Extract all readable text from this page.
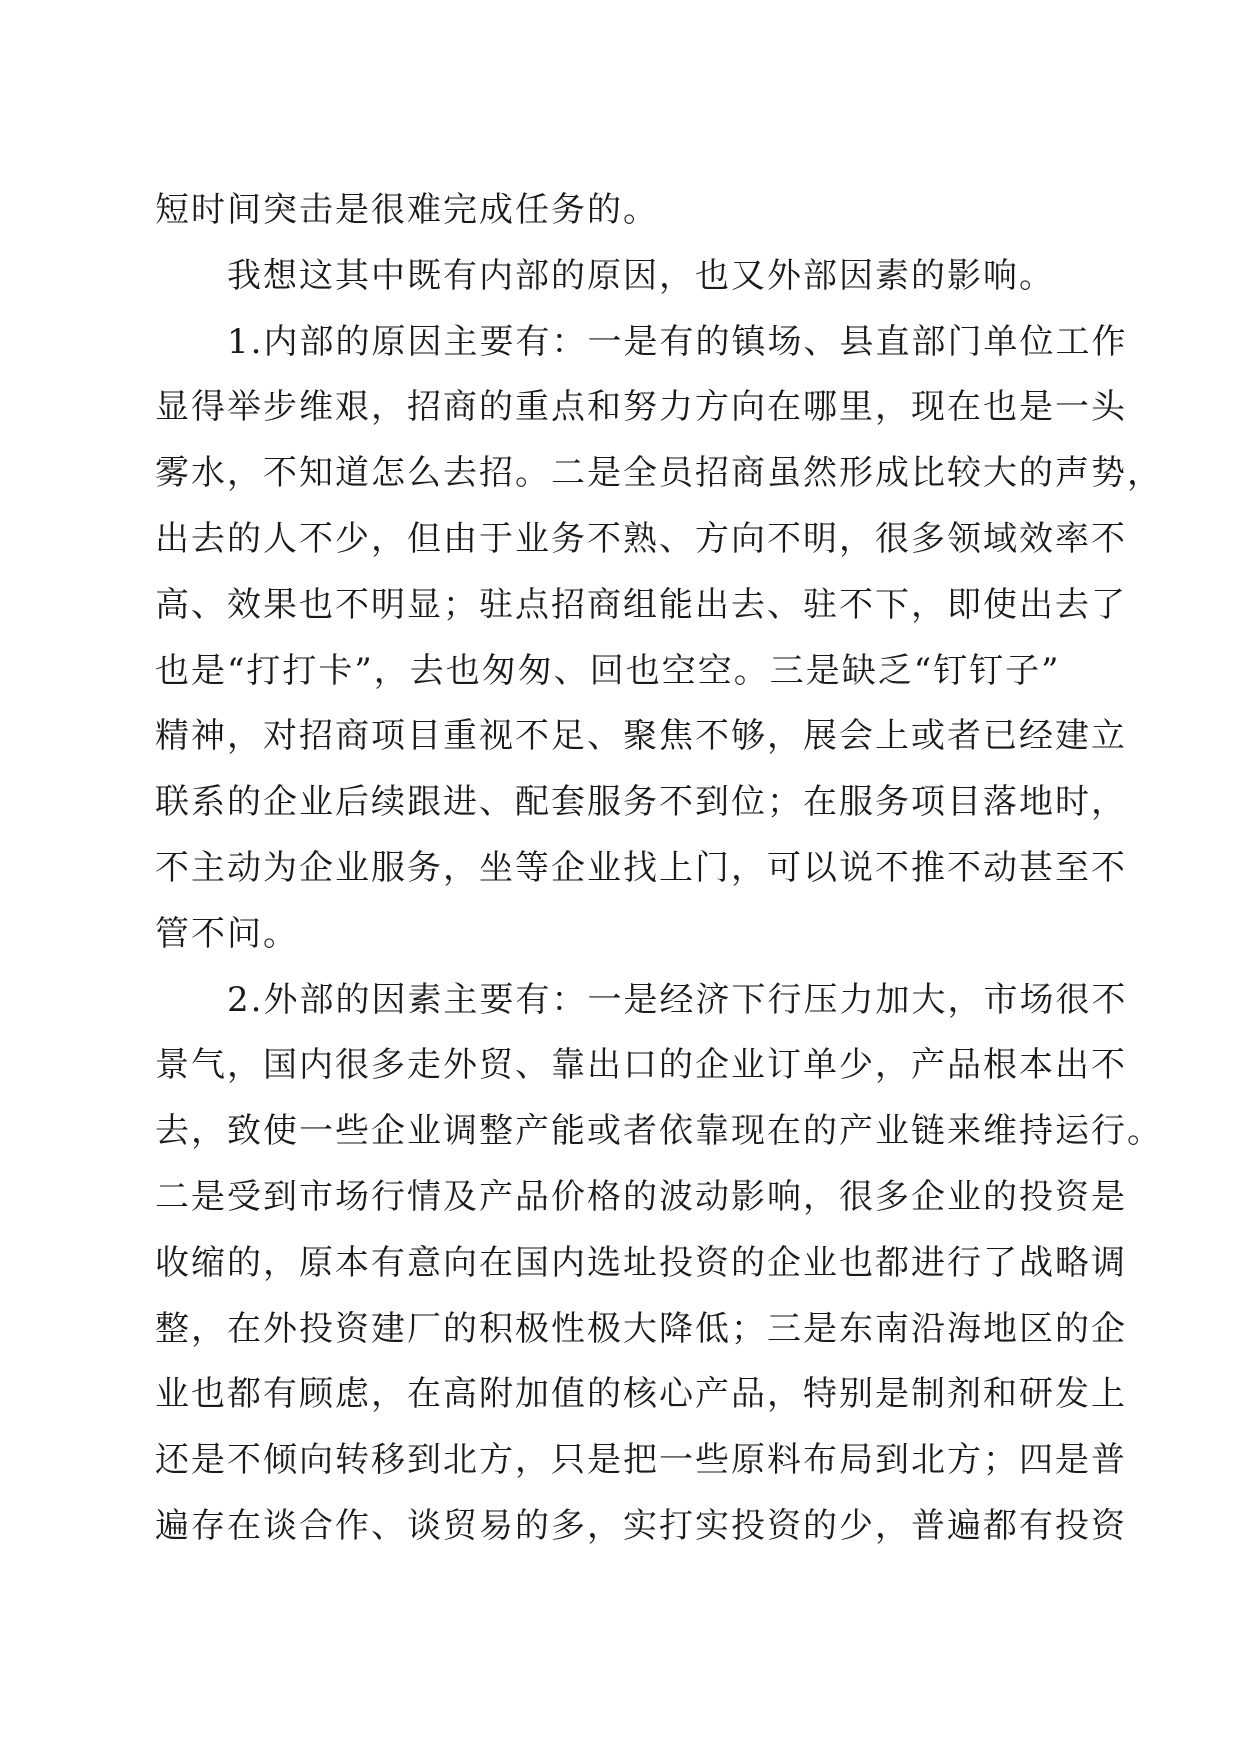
短时间突击是很难完成任务的。
我想这其中既有内部的原因，也又外部因素的影响。
1.内部的原因主要有：一是有的镇场、县直部门单位工作
显得举步维艰，招商的重点和努力方向在哪里，现在也是一头
雾水，不知道怎么去招。二是全员招商虽然形成比较大的声势，
出去的人不少，但由于业务不熟、方向不明，很多领域效率不
高、效果也不明显；驻点招商组能出去、驻不下，即使出去了
也是“打打卡”，去也匆匆、回也空空。三是缺乏“钉钉子”
精神，对招商项目重视不足、聚焦不够，展会上或者已经建立
联系的企业后续跟进、配套服务不到位；在服务项目落地时，
不主动为企业服务，坐等企业找上门，可以说不推不动甚至不
管不问。
2.外部的因素主要有：一是经济下行压力加大，市场很不
景气，国内很多走外贸、靠出口的企业订单少，产品根本出不
去，致使一些企业调整产能或者依靠现在的产业链来维持运行。
二是受到市场行情及产品价格的波动影响，很多企业的投资是
收缩的，原本有意向在国内选址投资的企业也都进行了战略调
整，在外投资建厂的积极性极大降低；三是东南沿海地区的企
业也都有顾虑，在高附加值的核心产品，特别是制剂和研发上
还是不倾向转移到北方，只是把一些原料布局到北方；四是普
遍存在谈合作、谈贸易的多，实打实投资的少，普遍都有投资
